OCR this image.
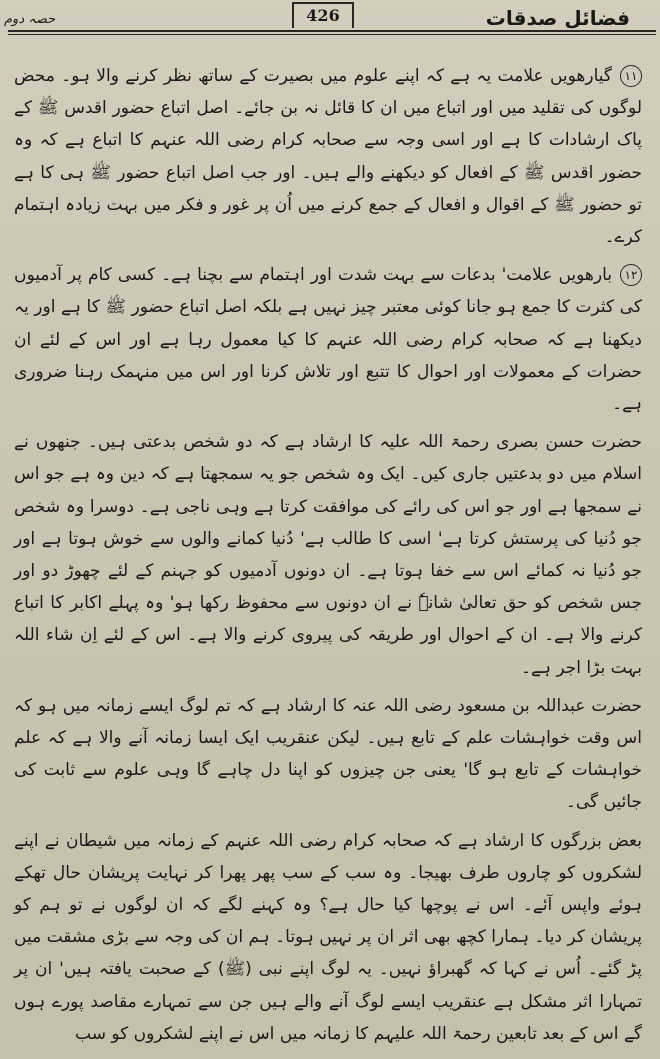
حصہ دوم	426	فضائل صدقات

۱۱گیارھویں علامت یہ ہے کہ اپنے علوم میں بصیرت کے ساتھ نظر کرنے والا ہو۔ محض لوگوں کی تقلید میں اور اتباع میں ان کا قائل نہ بن جائے۔ اصل اتباع حضور اقدس ﷺ کے پاک ارشادات کا ہے اور اسی وجہ سے صحابہ کرام رضی اللہ عنہم کا اتباع ہے کہ وہ حضور اقدس ﷺ کے افعال کو دیکھنے والے ہیں۔ اور جب اصل اتباع حضور ﷺ ہی کا ہے تو حضور ﷺ کے اقوال و افعال کے جمع کرنے میں اُن پر غور و فکر میں بہت زیادہ اہتمام کرے۔

۱۲بارھویں علامت' بدعات سے بہت شدت اور اہتمام سے بچنا ہے۔ کسی کام پر آدمیوں کی کثرت کا جمع ہو جانا کوئی معتبر چیز نہیں ہے بلکہ اصل اتباع حضور ﷺ کا ہے اور یہ دیکھنا ہے کہ صحابہ کرام رضی اللہ عنہم کا کیا معمول رہا ہے اور اس کے لئے ان حضرات کے معمولات اور احوال کا تتبع اور تلاش کرنا اور اس میں منہمک رہنا ضروری ہے۔

حضرت حسن بصری رحمۃ اللہ علیہ کا ارشاد ہے کہ دو شخص بدعتی ہیں۔ جنھوں نے اسلام میں دو بدعتیں جاری کیں۔ ایک وہ شخص جو یہ سمجھتا ہے کہ دین وہ ہے جو اس نے سمجھا ہے اور جو اس کی رائے کی موافقت کرتا ہے وہی ناجی ہے۔ دوسرا وہ شخص جو دُنیا کی پرستش کرتا ہے' اسی کا طالب ہے' دُنیا کمانے والوں سے خوش ہوتا ہے اور جو دُنیا نہ کمائے اس سے خفا ہوتا ہے۔ ان دونوں آدمیوں کو جہنم کے لئے چھوڑ دو اور جس شخص کو حق تعالیٰ شانہٗ نے ان دونوں سے محفوظ رکھا ہو' وہ پہلے اکابر کا اتباع کرنے والا ہے۔ ان کے احوال اور طریقہ کی پیروی کرنے والا ہے۔ اس کے لئے اِن شاء اللہ بہت بڑا اجر ہے۔

حضرت عبداللہ بن مسعود رضی اللہ عنہ کا ارشاد ہے کہ تم لوگ ایسے زمانہ میں ہو کہ اس وقت خواہشات علم کے تابع ہیں۔ لیکن عنقریب ایک ایسا زمانہ آنے والا ہے کہ علم خواہشات کے تابع ہو گا' یعنی جن چیزوں کو اپنا دل چاہے گا وہی علوم سے ثابت کی جائیں گی۔

بعض بزرگوں کا ارشاد ہے کہ صحابہ کرام رضی اللہ عنہم کے زمانہ میں شیطان نے اپنے لشکروں کو چاروں طرف بھیجا۔ وہ سب کے سب پھر پھرا کر نہایت پریشان حال تھکے ہوئے واپس آئے۔ اس نے پوچھا کیا حال ہے؟ وہ کہنے لگے کہ ان لوگوں نے تو ہم کو پریشان کر دیا۔ ہمارا کچھ بھی اثر ان پر نہیں ہوتا۔ ہم ان کی وجہ سے بڑی مشقت میں پڑ گئے۔ اُس نے کہا کہ گھبراؤ نہیں۔ یہ لوگ اپنے نبی (ﷺ) کے صحبت یافتہ ہیں' ان پر تمہارا اثر مشکل ہے عنقریب ایسے لوگ آنے والے ہیں جن سے تمہارے مقاصد پورے ہوں گے اس کے بعد تابعین رحمۃ اللہ علیہم کا زمانہ میں اس نے اپنے لشکروں کو سب
